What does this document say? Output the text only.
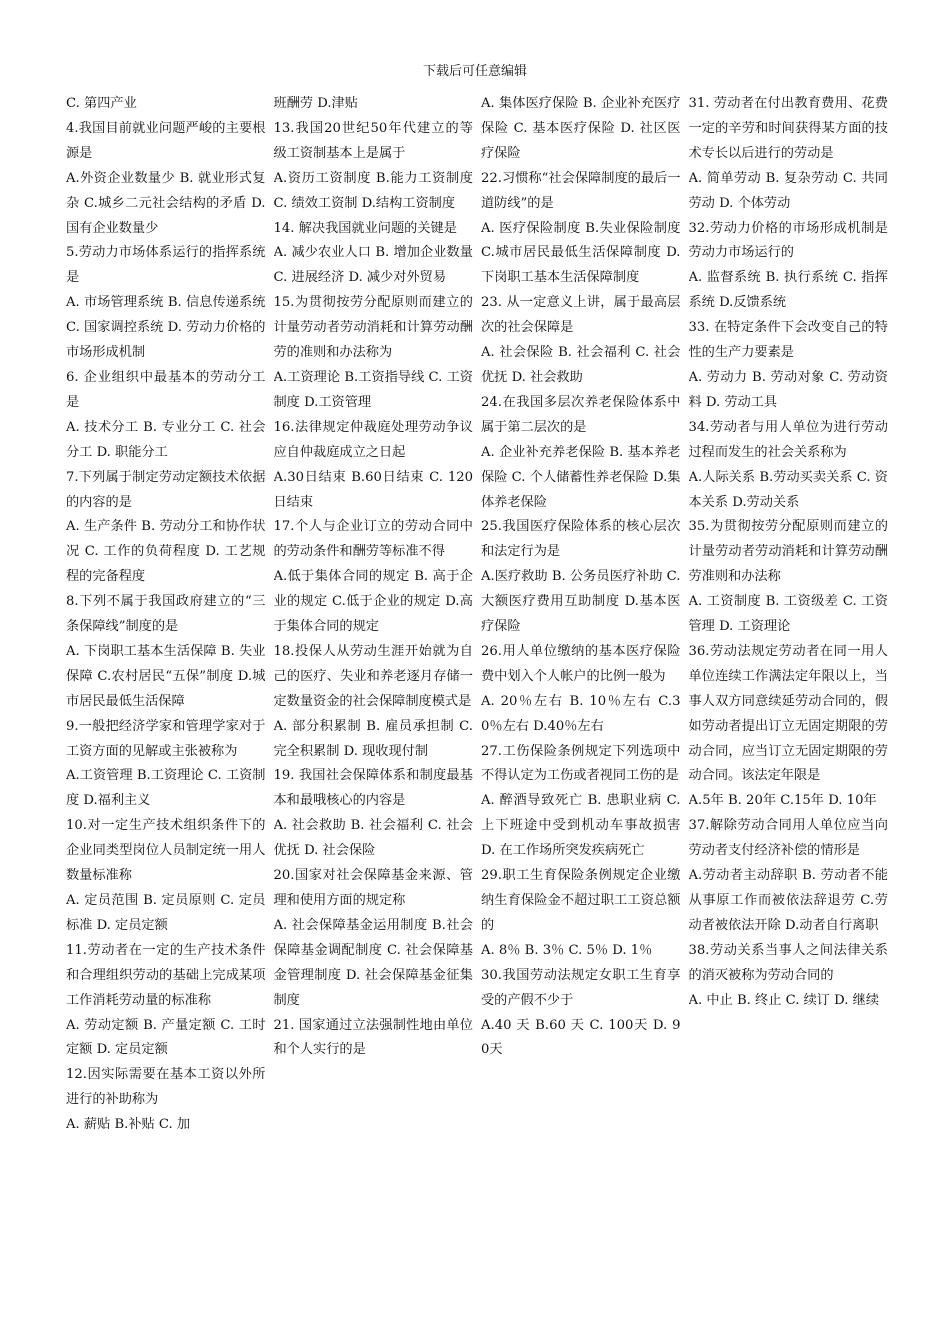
下载后可任意编辑
C. 第四产业
4.我国目前就业问题严峻的主要根源是
A.外资企业数量少 B. 就业形式复杂 C.城乡二元社会结构的矛盾 D.国有企业数量少
5.劳动力市场体系运行的指挥系统是
A. 市场管理系统 B. 信息传递系统 C. 国家调控系统 D. 劳动力价格的市场形成机制
6. 企业组织中最基本的劳动分工是
A. 技术分工 B. 专业分工 C. 社会分工 D. 职能分工
7.下列属于制定劳动定额技术依据的内容的是
A. 生产条件 B. 劳动分工和协作状况 C. 工作的负荷程度 D. 工艺规程的完备程度
8.下列不属于我国政府建立的“三条保障线”制度的是
A. 下岗职工基本生活保障 B. 失业保障 C.农村居民“五保”制度 D.城市居民最低生活保障
9.一般把经济学家和管理学家对于工资方面的见解或主张被称为
A.工资管理 B.工资理论 C. 工资制度 D.福利主义
10.对一定生产技术组织条件下的企业同类型岗位人员制定统一用人数量标准称
A. 定员范围 B. 定员原则 C. 定员标准 D. 定员定额
11.劳动者在一定的生产技术条件和合理组织劳动的基础上完成某项工作消耗劳动量的标准称
A. 劳动定额 B. 产量定额 C. 工时定额 D. 定员定额
12.因实际需要在基本工资以外所进行的补助称为
A. 薪贴 B.补贴 C. 加
班酬劳 D.津贴
13.我国20世纪50年代建立的等级工资制基本上是属于
A.资历工资制度 B.能力工资制度 C. 绩效工资制 D.结构工资制度
14. 解决我国就业问题的关键是
A. 减少农业人口 B. 增加企业数量 C. 进展经济 D. 减少对外贸易
15.为贯彻按劳分配原则而建立的计量劳动者劳动消耗和计算劳动酬劳的准则和办法称为
A.工资理论 B.工资指导线 C. 工资制度 D.工资管理
16.法律规定仲裁庭处理劳动争议应自仲裁庭成立之日起
A.30日结束 B.60日结束 C. 120日结束
17.个人与企业订立的劳动合同中的劳动条件和酬劳等标准不得
A.低于集体合同的规定 B. 高于企业的规定 C.低于企业的规定 D.高于集体合同的规定
18.投保人从劳动生涯开始就为自己的医疗、失业和养老逐月存储一定数量资金的社会保障制度模式是
A. 部分积累制 B. 雇员承担制 C. 完全积累制 D. 现收现付制
19. 我国社会保障体系和制度最基本和最哦核心的内容是
A. 社会救助 B. 社会福利 C. 社会优抚 D. 社会保险
20.国家对社会保障基金来源、管理和使用方面的规定称
A. 社会保障基金运用制度 B.社会保障基金调配制度 C. 社会保障基金管理制度 D. 社会保障基金征集制度
21. 国家通过立法强制性地由单位和个人实行的是
A. 集体医疗保险 B. 企业补充医疗保险 C. 基本医疗保险 D. 社区医疗保险
22.习惯称“社会保障制度的最后一道防线”的是
A. 医疗保险制度 B.失业保险制度 C.城市居民最低生活保障制度 D.下岗职工基本生活保障制度
23. 从一定意义上讲，属于最高层次的社会保障是
A. 社会保险 B. 社会福利 C. 社会优抚 D. 社会救助
24.在我国多层次养老保险体系中属于第二层次的是
A. 企业补充养老保险 B. 基本养老保险 C. 个人储蓄性养老保险 D.集体养老保险
25.我国医疗保险体系的核心层次和法定行为是
A.医疗救助 B. 公务员医疗补助 C.大额医疗费用互助制度 D.基本医疗保险
26.用人单位缴纳的基本医疗保险费中划入个人帐户的比例一般为
A. 20％左右 B. 10％左右 C.30％左右 D.40％左右
27.工伤保险条例规定下列选项中不得认定为工伤或者视同工伤的是
A. 醉酒导致死亡 B. 患职业病 C. 上下班途中受到机动车事故损害 D. 在工作场所突发疾病死亡
29.职工生育保险条例规定企业缴纳生育保险金不超过职工工资总额的
A. 8％ B. 3％ C. 5％ D. 1％
30.我国劳动法规定女职工生育享受的产假不少于
A.40 天 B.60 天 C. 100天 D. 90天
31. 劳动者在付出教育费用、花费一定的辛劳和时间获得某方面的技术专长以后进行的劳动是
A. 简单劳动 B. 复杂劳动 C. 共同劳动 D. 个体劳动
32.劳动力价格的市场形成机制是劳动力市场运行的
A. 监督系统 B. 执行系统 C. 指挥系统 D.反馈系统
33. 在特定条件下会改变自己的特性的生产力要素是
A. 劳动力 B. 劳动对象 C. 劳动资料 D. 劳动工具
34.劳动者与用人单位为进行劳动过程而发生的社会关系称为
A.人际关系 B.劳动买卖关系 C. 资本关系 D.劳动关系
35.为贯彻按劳分配原则而建立的计量劳动者劳动消耗和计算劳动酬劳准则和办法称
A. 工资制度 B. 工资级差 C. 工资管理 D. 工资理论
36.劳动法规定劳动者在同一用人单位连续工作满法定年限以上，当事人双方同意续延劳动合同的，假如劳动者提出订立无固定期限的劳动合同，应当订立无固定期限的劳动合同。该法定年限是
A.5年 B. 20年 C.15年 D. 10年
37.解除劳动合同用人单位应当向劳动者支付经济补偿的情形是
A.劳动者主动辞职 B. 劳动者不能从事原工作而被依法辞退劳 C.劳动者被依法开除 D.动者自行离职
38.劳动关系当事人之间法律关系的消灭被称为劳动合同的
A. 中止 B. 终止 C. 续订 D. 继续
